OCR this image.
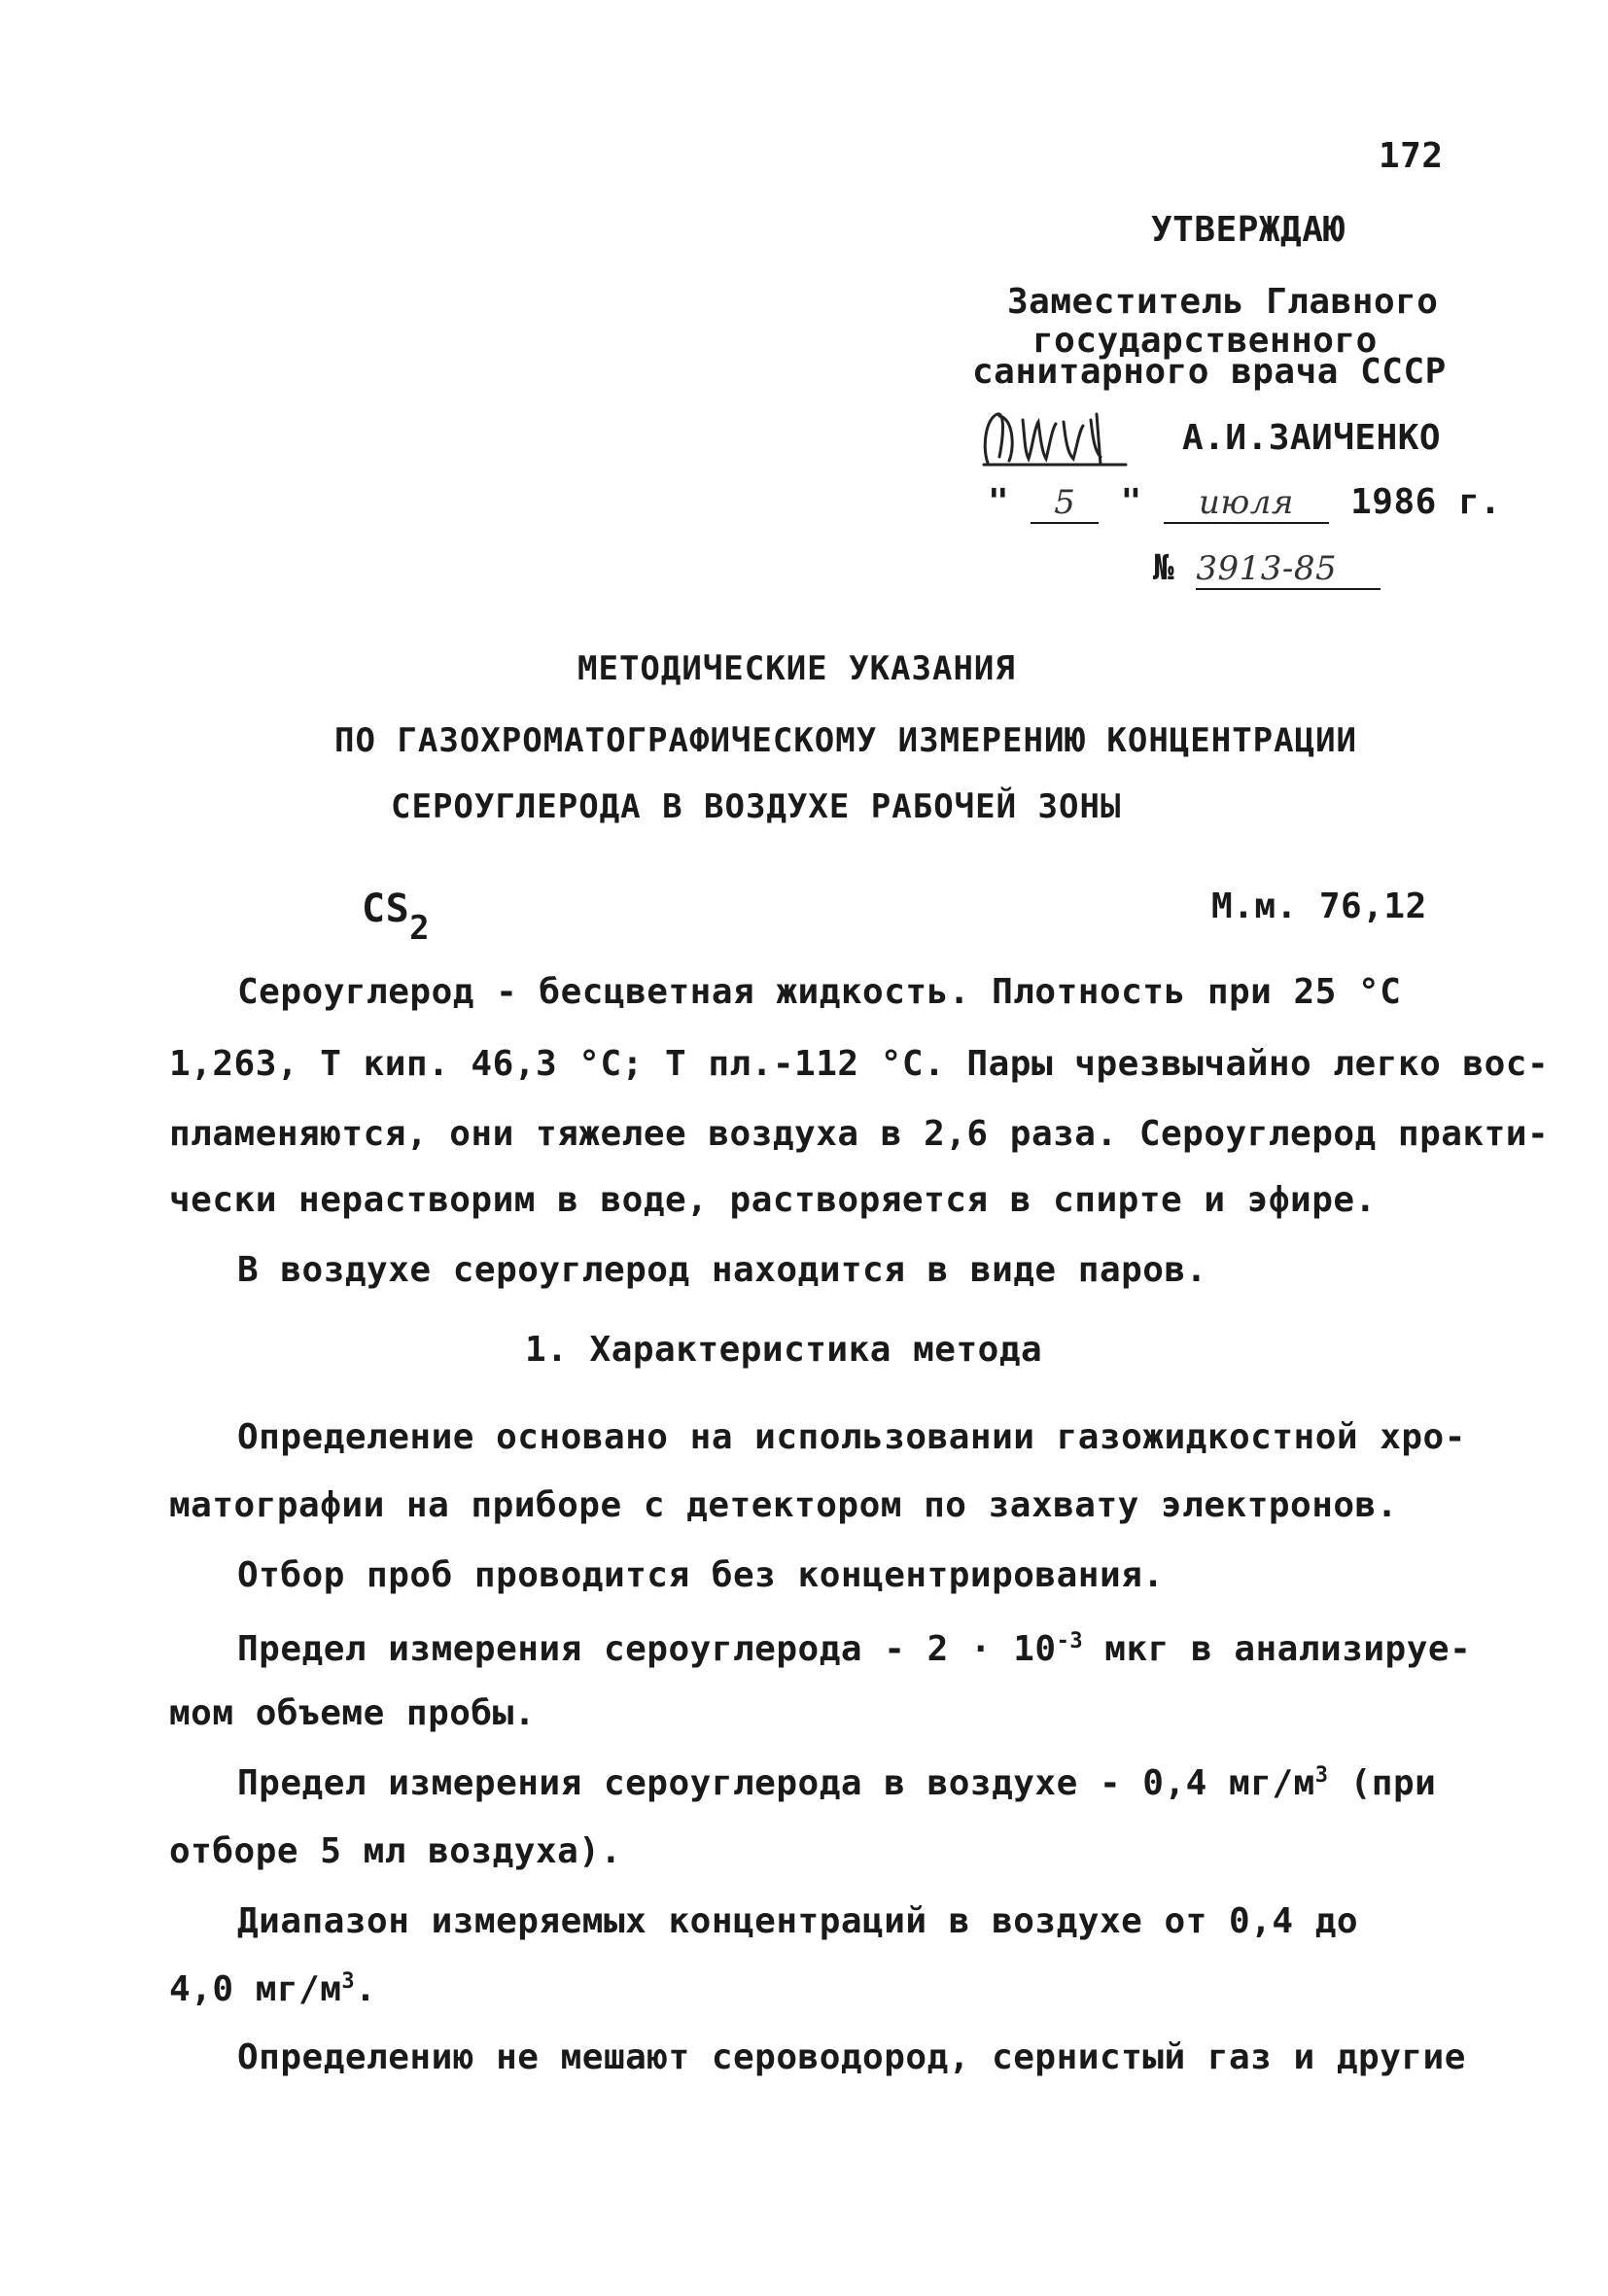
172
УТВЕРЖДАЮ
Заместитель Главного
государственного
санитарного врача СССР
А.И.ЗАИЧЕНКО
" 5 " июля 1986 г.
№ 3913-85
МЕТОДИЧЕСКИЕ УКАЗАНИЯ
ПО ГАЗОХРОМАТОГРАФИЧЕСКОМУ ИЗМЕРЕНИЮ КОНЦЕНТРАЦИИ
СЕРОУГЛЕРОДА В ВОЗДУХЕ РАБОЧЕЙ ЗОНЫ
$CS_2$
М.м. 76,12
Сероуглерод - бесцветная жидкость. Плотность при 25 °C
1,263, Т кип. 46,3 °C; Т пл.-112 °C. Пары чрезвычайно легко вос-
пламеняются, они тяжелее воздуха в 2,6 раза. Сероуглерод практи-
чески нерастворим в воде, растворяется в спирте и эфире.
В воздухе сероуглерод находится в виде паров.
1. Характеристика метода
Определение основано на использовании газожидкостной хро-
матографии на приборе с детектором по захвату электронов.
Отбор проб проводится без концентрирования.
Предел измерения сероуглерода - $2 \cdot 10^{-3}$ мкг в анализируе-
мом объеме пробы.
Предел измерения сероуглерода в воздухе - 0,4 $мг/м^3$ (при
отборе 5 мл воздуха).
Диапазон измеряемых концентраций в воздухе от 0,4 до
4,0 $мг/м^3$.
Определению не мешают сероводород, сернистый газ и другие
